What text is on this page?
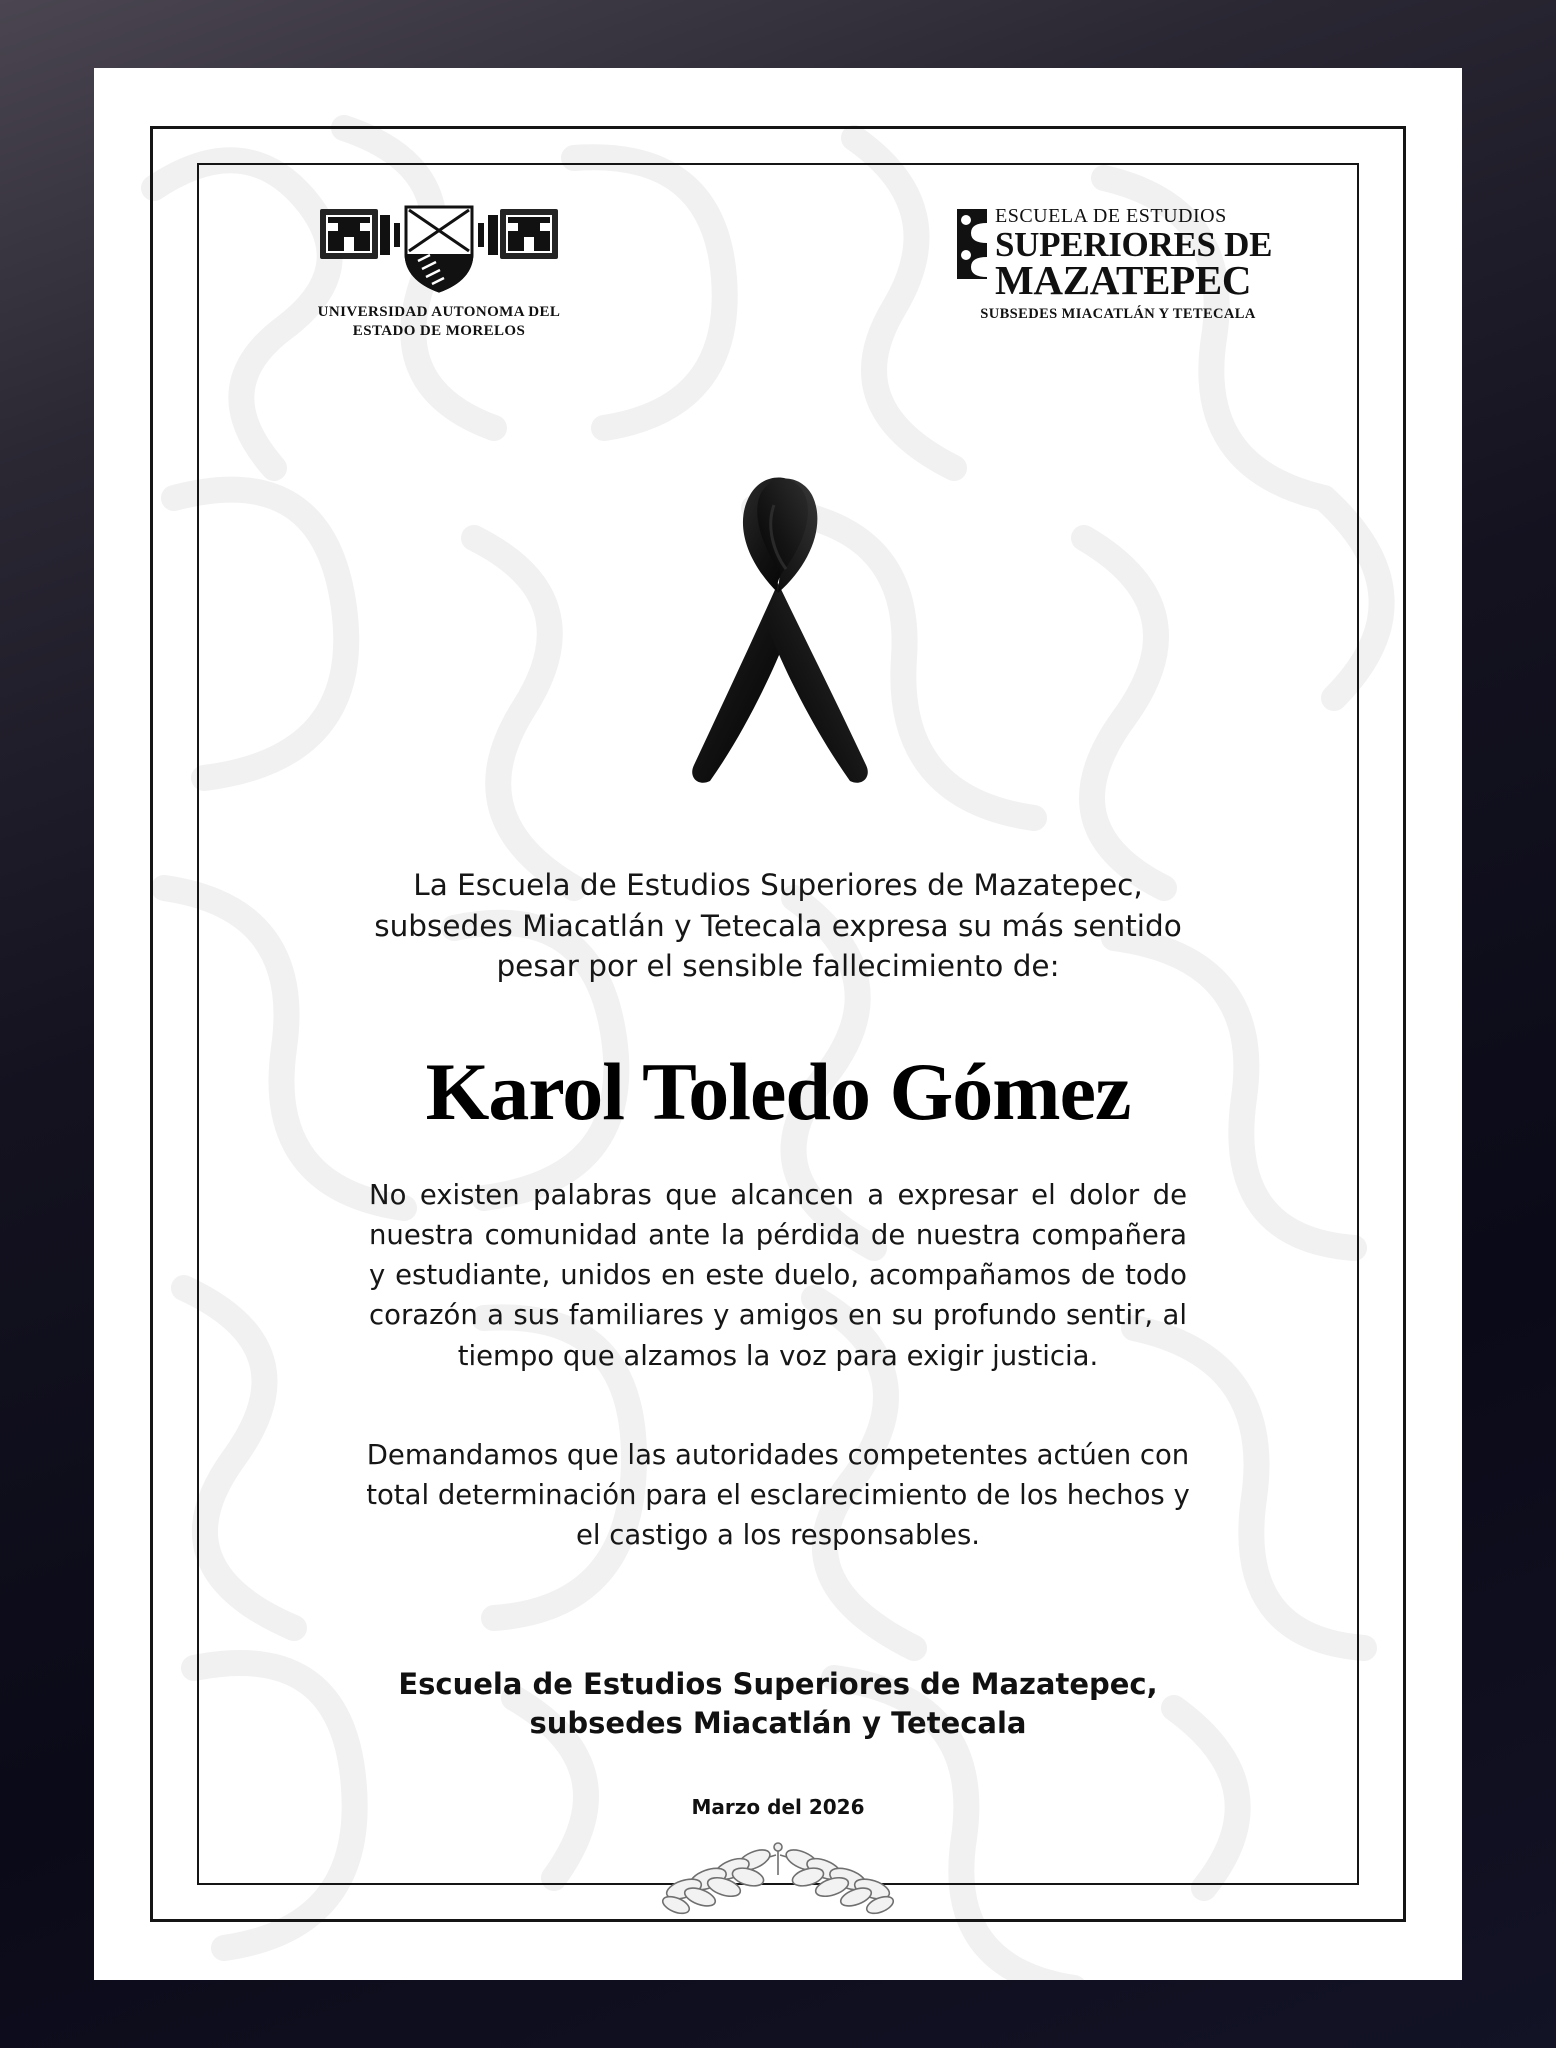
UNIVERSIDAD AUTONOMA DEL
ESTADO DE MORELOS
ESCUELA DE ESTUDIOS
SUPERIORES DE
MAZATEPEC
SUBSEDES MIACATLÁN Y TETECALA
La Escuela de Estudios Superiores de Mazatepec, subsedes Miacatlán y Tetecala expresa su más sentido pesar por el sensible fallecimiento de:
Karol Toledo Gómez
No existen palabras que alcancen a expresar el dolor de nuestra comunidad ante la pérdida de nuestra compañera y estudiante, unidos en este duelo, acompañamos de todo corazón a sus familiares y amigos en su profundo sentir, al tiempo que alzamos la voz para exigir justicia.
Demandamos que las autoridades competentes actúen con total determinación para el esclarecimiento de los hechos y el castigo a los responsables.
Escuela de Estudios Superiores de Mazatepec,
subsedes Miacatlán y Tetecala
Marzo del 2026
